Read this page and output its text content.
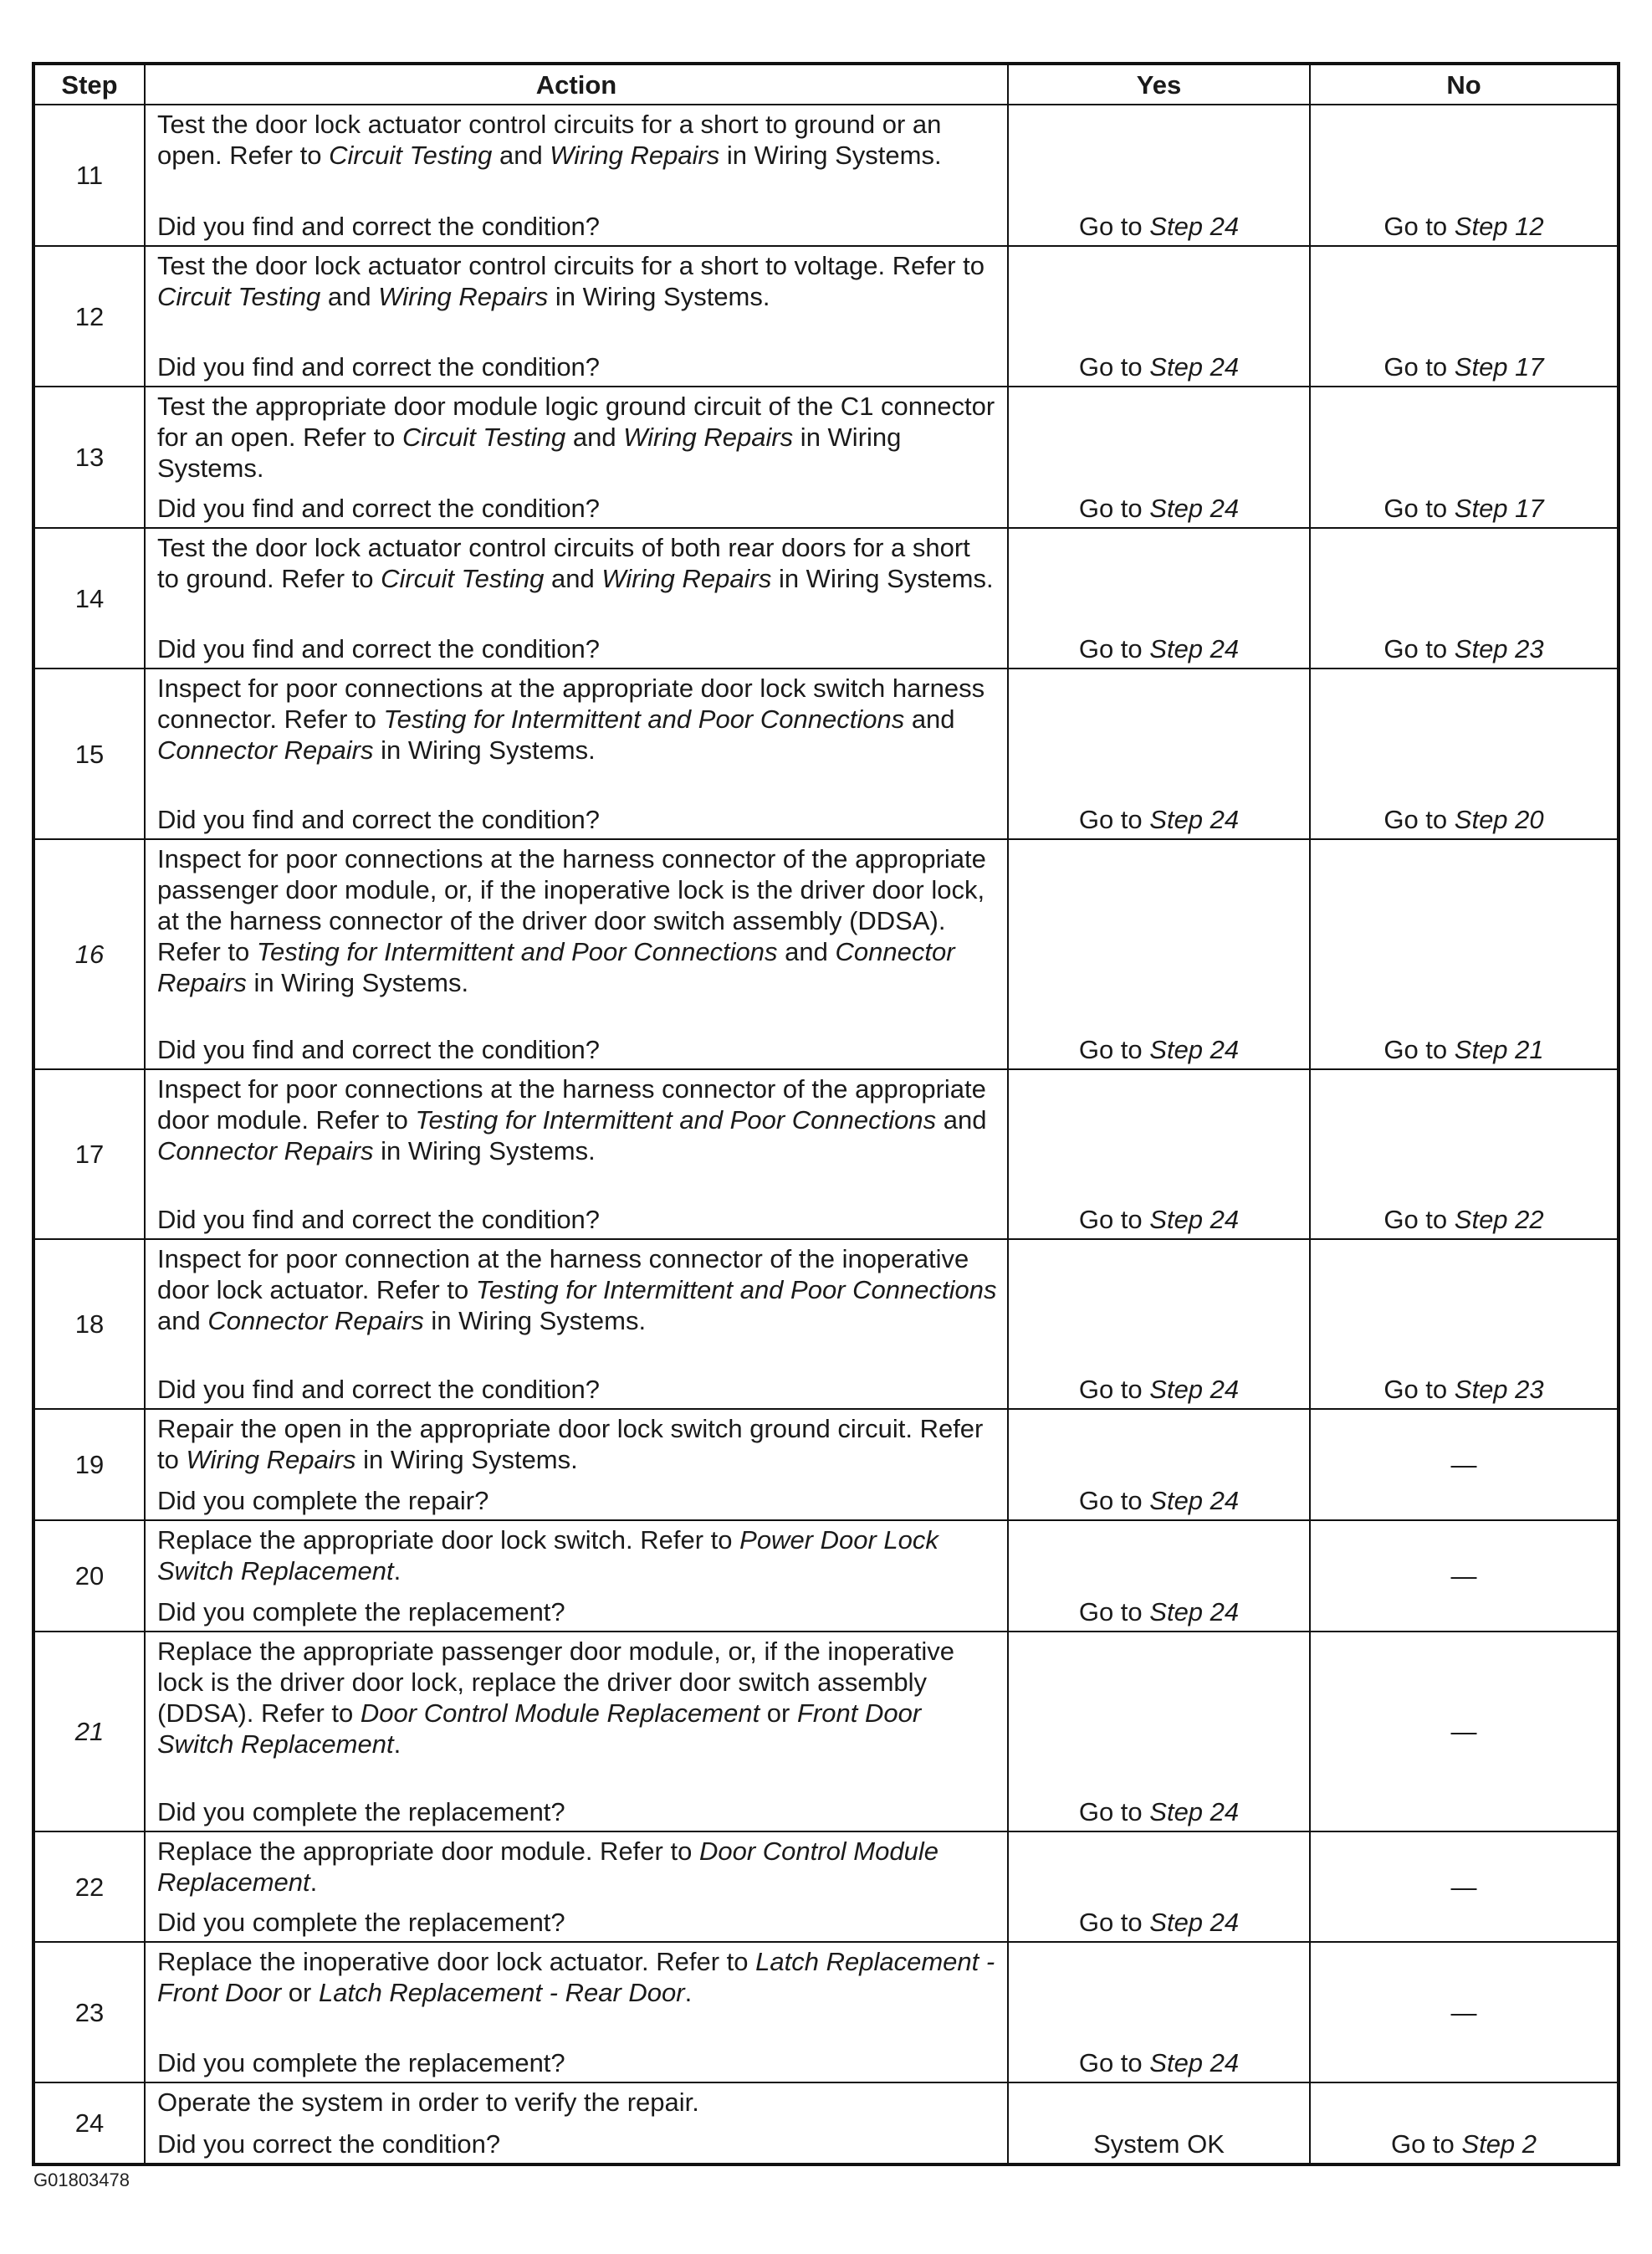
Step	Action	Yes	No
11	Test the door lock actuator control circuits for a short to ground or an open. Refer to Circuit Testing and Wiring Repairs in Wiring Systems.
Did you find and correct the condition?	Go to Step 24	Go to Step 12
12	Test the door lock actuator control circuits for a short to voltage. Refer to Circuit Testing and Wiring Repairs in Wiring Systems.
Did you find and correct the condition?	Go to Step 24	Go to Step 17
13	Test the appropriate door module logic ground circuit of the C1 connector for an open. Refer to Circuit Testing and Wiring Repairs in Wiring Systems.
Did you find and correct the condition?	Go to Step 24	Go to Step 17
14	Test the door lock actuator control circuits of both rear doors for a short to ground. Refer to Circuit Testing and Wiring Repairs in Wiring Systems.
Did you find and correct the condition?	Go to Step 24	Go to Step 23
15	Inspect for poor connections at the appropriate door lock switch harness connector. Refer to Testing for Intermittent and Poor Connections and Connector Repairs in Wiring Systems.
Did you find and correct the condition?	Go to Step 24	Go to Step 20
16	Inspect for poor connections at the harness connector of the appropriate passenger door module, or, if the inoperative lock is the driver door lock, at the harness connector of the driver door switch assembly (DDSA). Refer to Testing for Intermittent and Poor Connections and Connector Repairs in Wiring Systems.
Did you find and correct the condition?	Go to Step 24	Go to Step 21
17	Inspect for poor connections at the harness connector of the appropriate door module. Refer to Testing for Intermittent and Poor Connections and Connector Repairs in Wiring Systems.
Did you find and correct the condition?	Go to Step 24	Go to Step 22
18	Inspect for poor connection at the harness connector of the inoperative door lock actuator. Refer to Testing for Intermittent and Poor Connections and Connector Repairs in Wiring Systems.
Did you find and correct the condition?	Go to Step 24	Go to Step 23
19	Repair the open in the appropriate door lock switch ground circuit. Refer to Wiring Repairs in Wiring Systems.
Did you complete the repair?	Go to Step 24	—
20	Replace the appropriate door lock switch. Refer to Power Door Lock Switch Replacement.
Did you complete the replacement?	Go to Step 24	—
21	Replace the appropriate passenger door module, or, if the inoperative lock is the driver door lock, replace the driver door switch assembly (DDSA). Refer to Door Control Module Replacement or Front Door Switch Replacement.
Did you complete the replacement?	Go to Step 24	—
22	Replace the appropriate door module. Refer to Door Control Module Replacement.
Did you complete the replacement?	Go to Step 24	—
23	Replace the inoperative door lock actuator. Refer to Latch Replacement - Front Door or Latch Replacement - Rear Door.
Did you complete the replacement?	Go to Step 24	—
24	Operate the system in order to verify the repair.
Did you correct the condition?	System OK	Go to Step 2
G01803478
